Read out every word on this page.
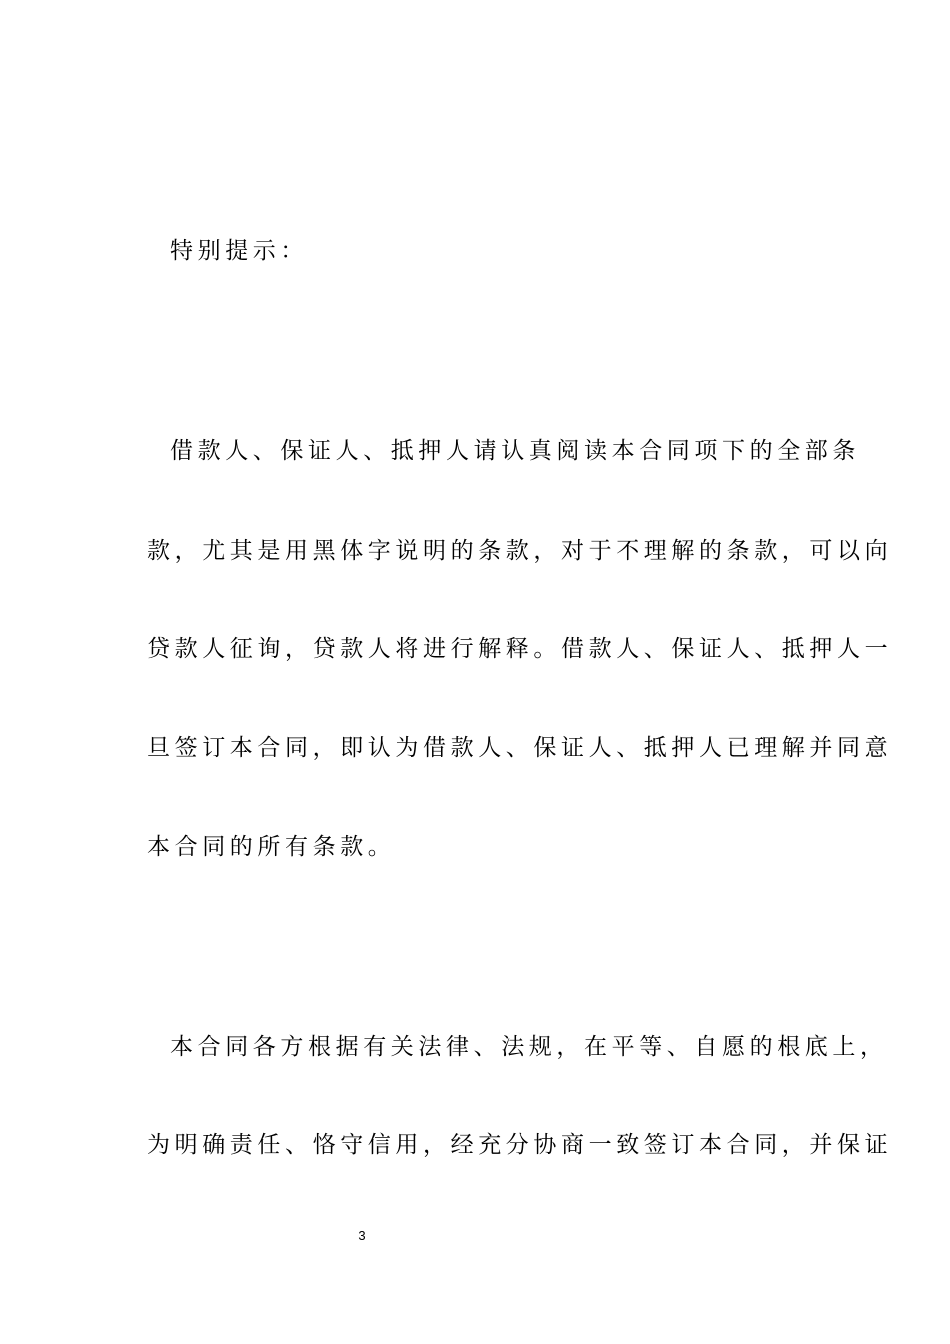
特别提示：
借款人、保证人、抵押人请认真阅读本合同项下的全部条
款，尤其是用黑体字说明的条款，对于不理解的条款，可以向
贷款人征询，贷款人将进行解释。借款人、保证人、抵押人一
旦签订本合同，即认为借款人、保证人、抵押人已理解并同意
本合同的所有条款。
本合同各方根据有关法律、法规，在平等、自愿的根底上，
为明确责任、恪守信用，经充分协商一致签订本合同，并保证
3
